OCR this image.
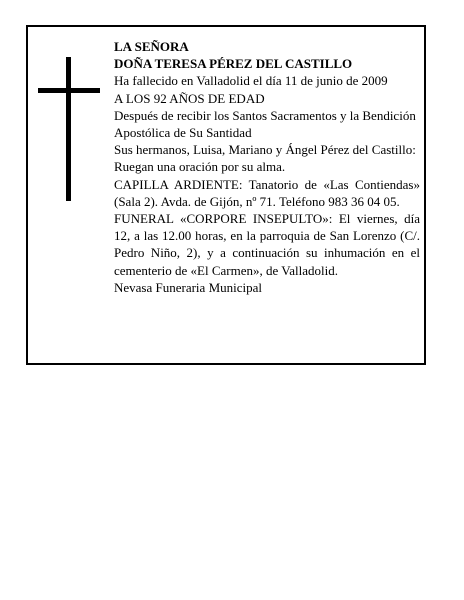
LA SEÑORA

DOÑA TERESA PÉREZ DEL CASTILLO

Ha fallecido en Valladolid el día 11 de junio de 2009

A LOS 92 AÑOS DE EDAD

Después de recibir los Santos Sacramentos y la Bendición Apostólica de Su Santidad

Sus hermanos, Luisa, Mariano y Ángel Pérez del Castillo:

Ruegan una oración por su alma.

CAPILLA ARDIENTE: Tanatorio de «Las Contiendas» (Sala 2). Avda. de Gijón, nº 71. Teléfono 983 36 04 05.

FUNERAL «CORPORE INSEPULTO»: El viernes, día 12, a las 12.00 horas, en la parroquia de San Lorenzo (C/. Pedro Niño, 2), y a continuación su inhumación en el cementerio de «El Carmen», de Valladolid.

Nevasa Funeraria Municipal
